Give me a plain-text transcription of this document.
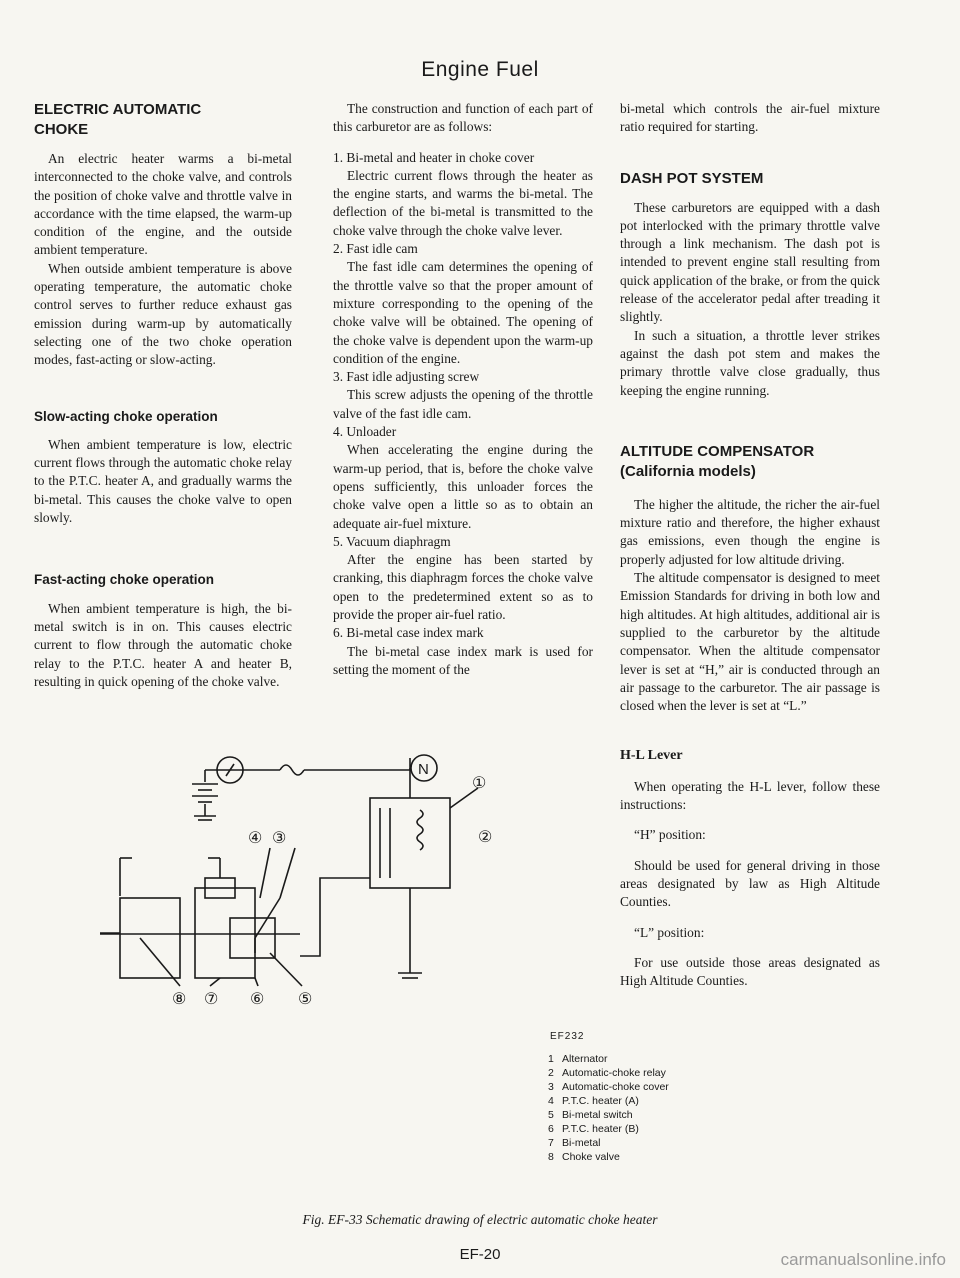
Engine Fuel
ELECTRIC AUTOMATIC CHOKE

An electric heater warms a bi-metal interconnected to the choke valve, and controls the position of choke valve and throttle valve in accordance with the time elapsed, the warm-up condition of the engine, and the outside ambient temperature.

When outside ambient temperature is above operating temperature, the automatic choke control serves to further reduce exhaust gas emission during warm-up by automatically selecting one of the two choke operation modes, fast-acting or slow-acting.

Slow-acting choke operation

When ambient temperature is low, electric current flows through the automatic choke relay to the P.T.C. heater A, and gradually warms the bi-metal. This causes the choke valve to open slowly.

Fast-acting choke operation

When ambient temperature is high, the bi-metal switch is in on. This causes electric current to flow through the automatic choke relay to the P.T.C. heater A and heater B, resulting in quick opening of the choke valve.

The construction and function of each part of this carburetor are as follows:

1. Bi-metal and heater in choke cover

Electric current flows through the heater as the engine starts, and warms the bi-metal. The deflection of the bi-metal is transmitted to the choke valve through the choke valve lever.

2. Fast idle cam

The fast idle cam determines the opening of the throttle valve so that the proper amount of mixture corresponding to the opening of the choke valve will be obtained. The opening of the choke valve is dependent upon the warm-up condition of the engine.

3. Fast idle adjusting screw

This screw adjusts the opening of the throttle valve of the fast idle cam.

4. Unloader

When accelerating the engine during the warm-up period, that is, before the choke valve opens sufficiently, this unloader forces the choke valve open a little so as to obtain an adequate air-fuel mixture.

5. Vacuum diaphragm

After the engine has been started by cranking, this diaphragm forces the choke valve open to the predetermined extent so as to provide the proper air-fuel ratio.

6. Bi-metal case index mark

The bi-metal case index mark is used for setting the moment of the

bi-metal which controls the air-fuel mixture ratio required for starting.

DASH POT SYSTEM

These carburetors are equipped with a dash pot interlocked with the primary throttle valve through a link mechanism. The dash pot is intended to prevent engine stall resulting from quick application of the brake, or from the quick release of the accelerator pedal after treading it slightly.

In such a situation, a throttle lever strikes against the dash pot stem and makes the primary throttle valve close gradually, thus keeping the engine running.

ALTITUDE COMPENSATOR
(California models)

The higher the altitude, the richer the air-fuel mixture ratio and therefore, the higher exhaust gas emissions, even though the engine is properly adjusted for low altitude driving.

The altitude compensator is designed to meet Emission Standards for driving in both low and high altitudes. At high altitudes, additional air is supplied to the carburetor by the altitude compensator. When the altitude compensator lever is set at “H,” air is conducted through an air passage to the carburetor. The air passage is closed when the lever is set at “L.”

H-L Lever

When operating the H-L lever, follow these instructions:

“H” position:

Should be used for general driving in those areas designated by law as High Altitude Counties.

“L” position:

For use outside those areas designated as High Altitude Counties.

①
②
③
④
⑤
⑥
⑦
⑧
N
EF232
1 Alternator
2 Automatic-choke relay
3 Automatic-choke cover
4 P.T.C. heater (A)
5 Bi-metal switch
6 P.T.C. heater (B)
7 Bi-metal
8 Choke valve
Fig. EF-33 Schematic drawing of electric automatic choke heater
EF-20	carmanualsonline.info
